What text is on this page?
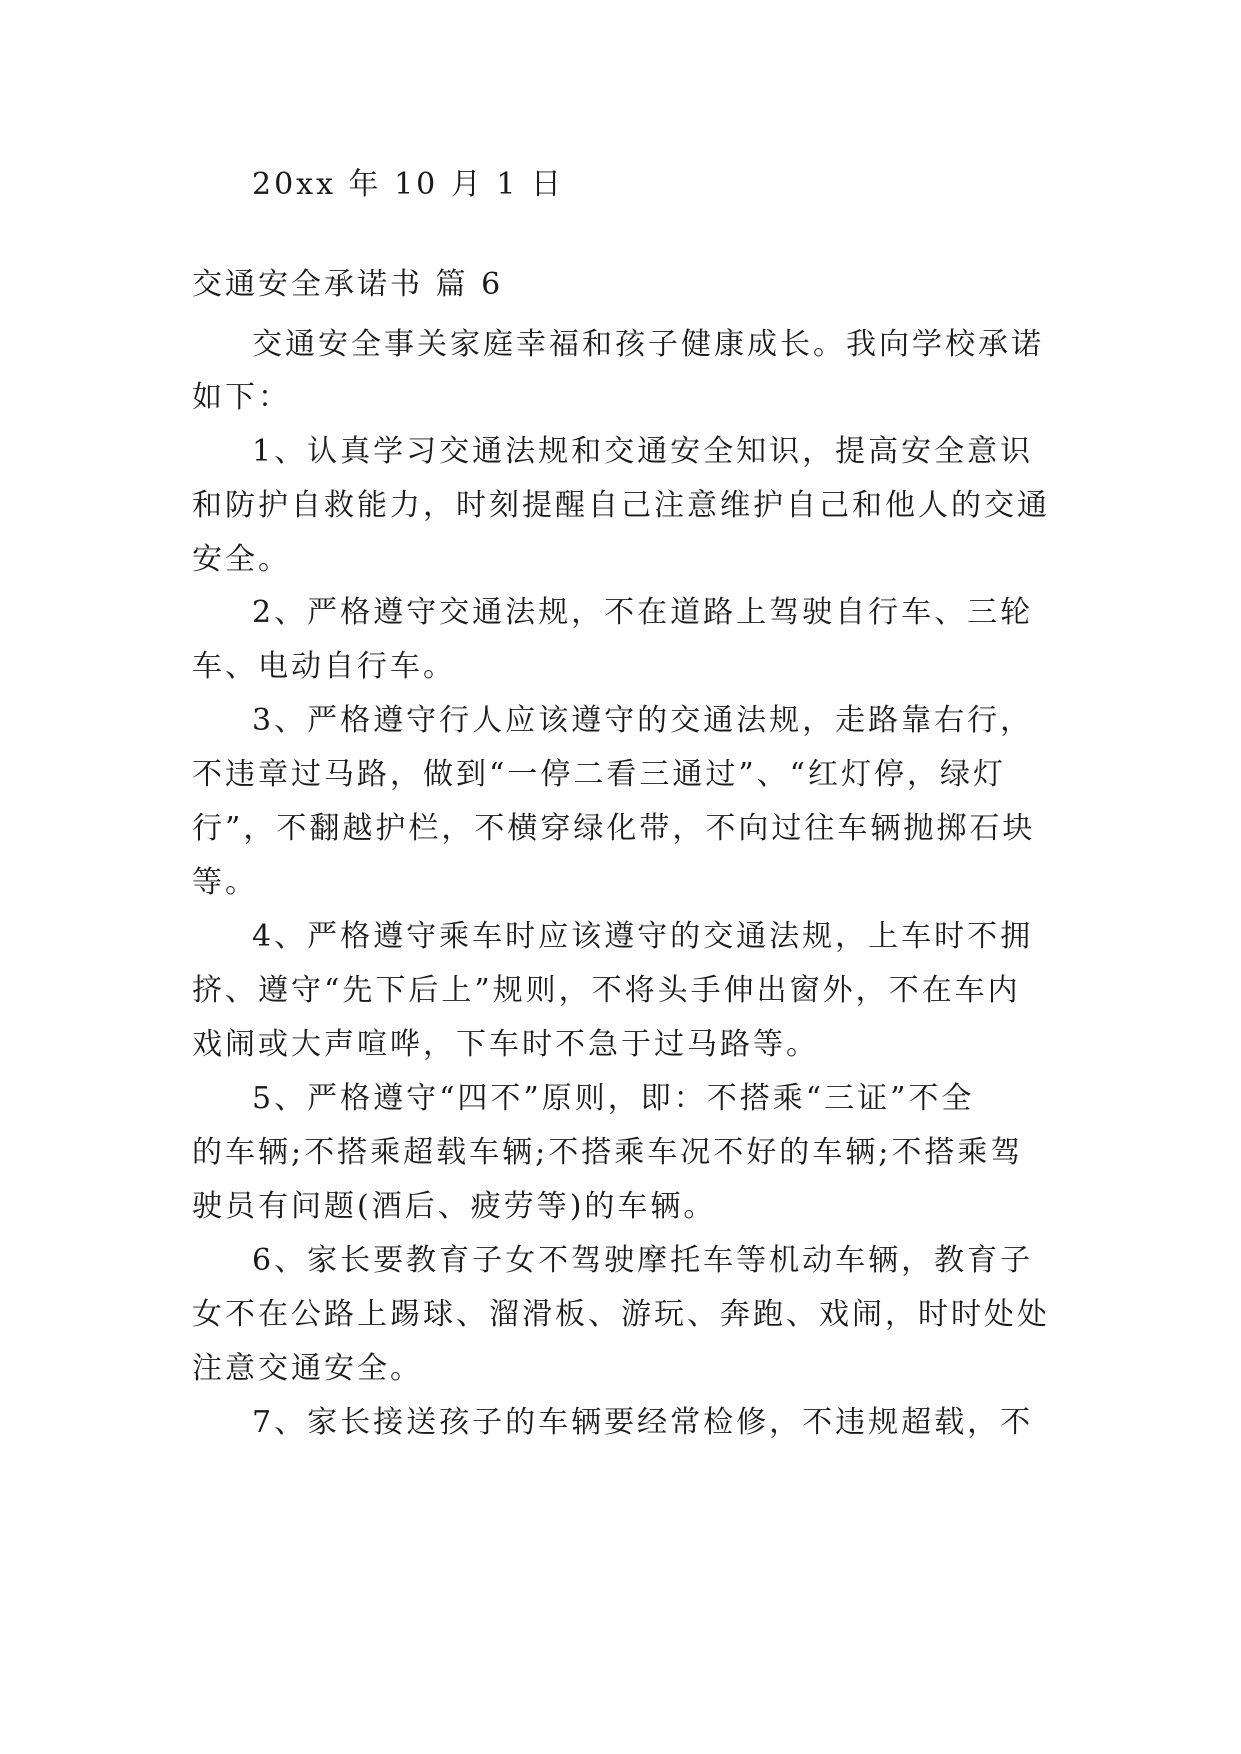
20xx 年 10 月 1 日
交通安全承诺书 篇 6
交通安全事关家庭幸福和孩子健康成长。我向学校承诺
如下：
1、认真学习交通法规和交通安全知识，提高安全意识
和防护自救能力，时刻提醒自己注意维护自己和他人的交通
安全。
2、严格遵守交通法规，不在道路上驾驶自行车、三轮
车、电动自行车。
3、严格遵守行人应该遵守的交通法规，走路靠右行，
不违章过马路，做到“一停二看三通过”、“红灯停，绿灯
行”，不翻越护栏，不横穿绿化带，不向过往车辆抛掷石块
等。
4、严格遵守乘车时应该遵守的交通法规，上车时不拥
挤、遵守“先下后上”规则，不将头手伸出窗外，不在车内
戏闹或大声喧哗，下车时不急于过马路等。
5、严格遵守“四不”原则，即：不搭乘“三证”不全
的车辆;不搭乘超载车辆;不搭乘车况不好的车辆;不搭乘驾
驶员有问题(酒后、疲劳等)的车辆。
6、家长要教育子女不驾驶摩托车等机动车辆，教育子
女不在公路上踢球、溜滑板、游玩、奔跑、戏闹，时时处处
注意交通安全。
7、家长接送孩子的车辆要经常检修，不违规超载，不
